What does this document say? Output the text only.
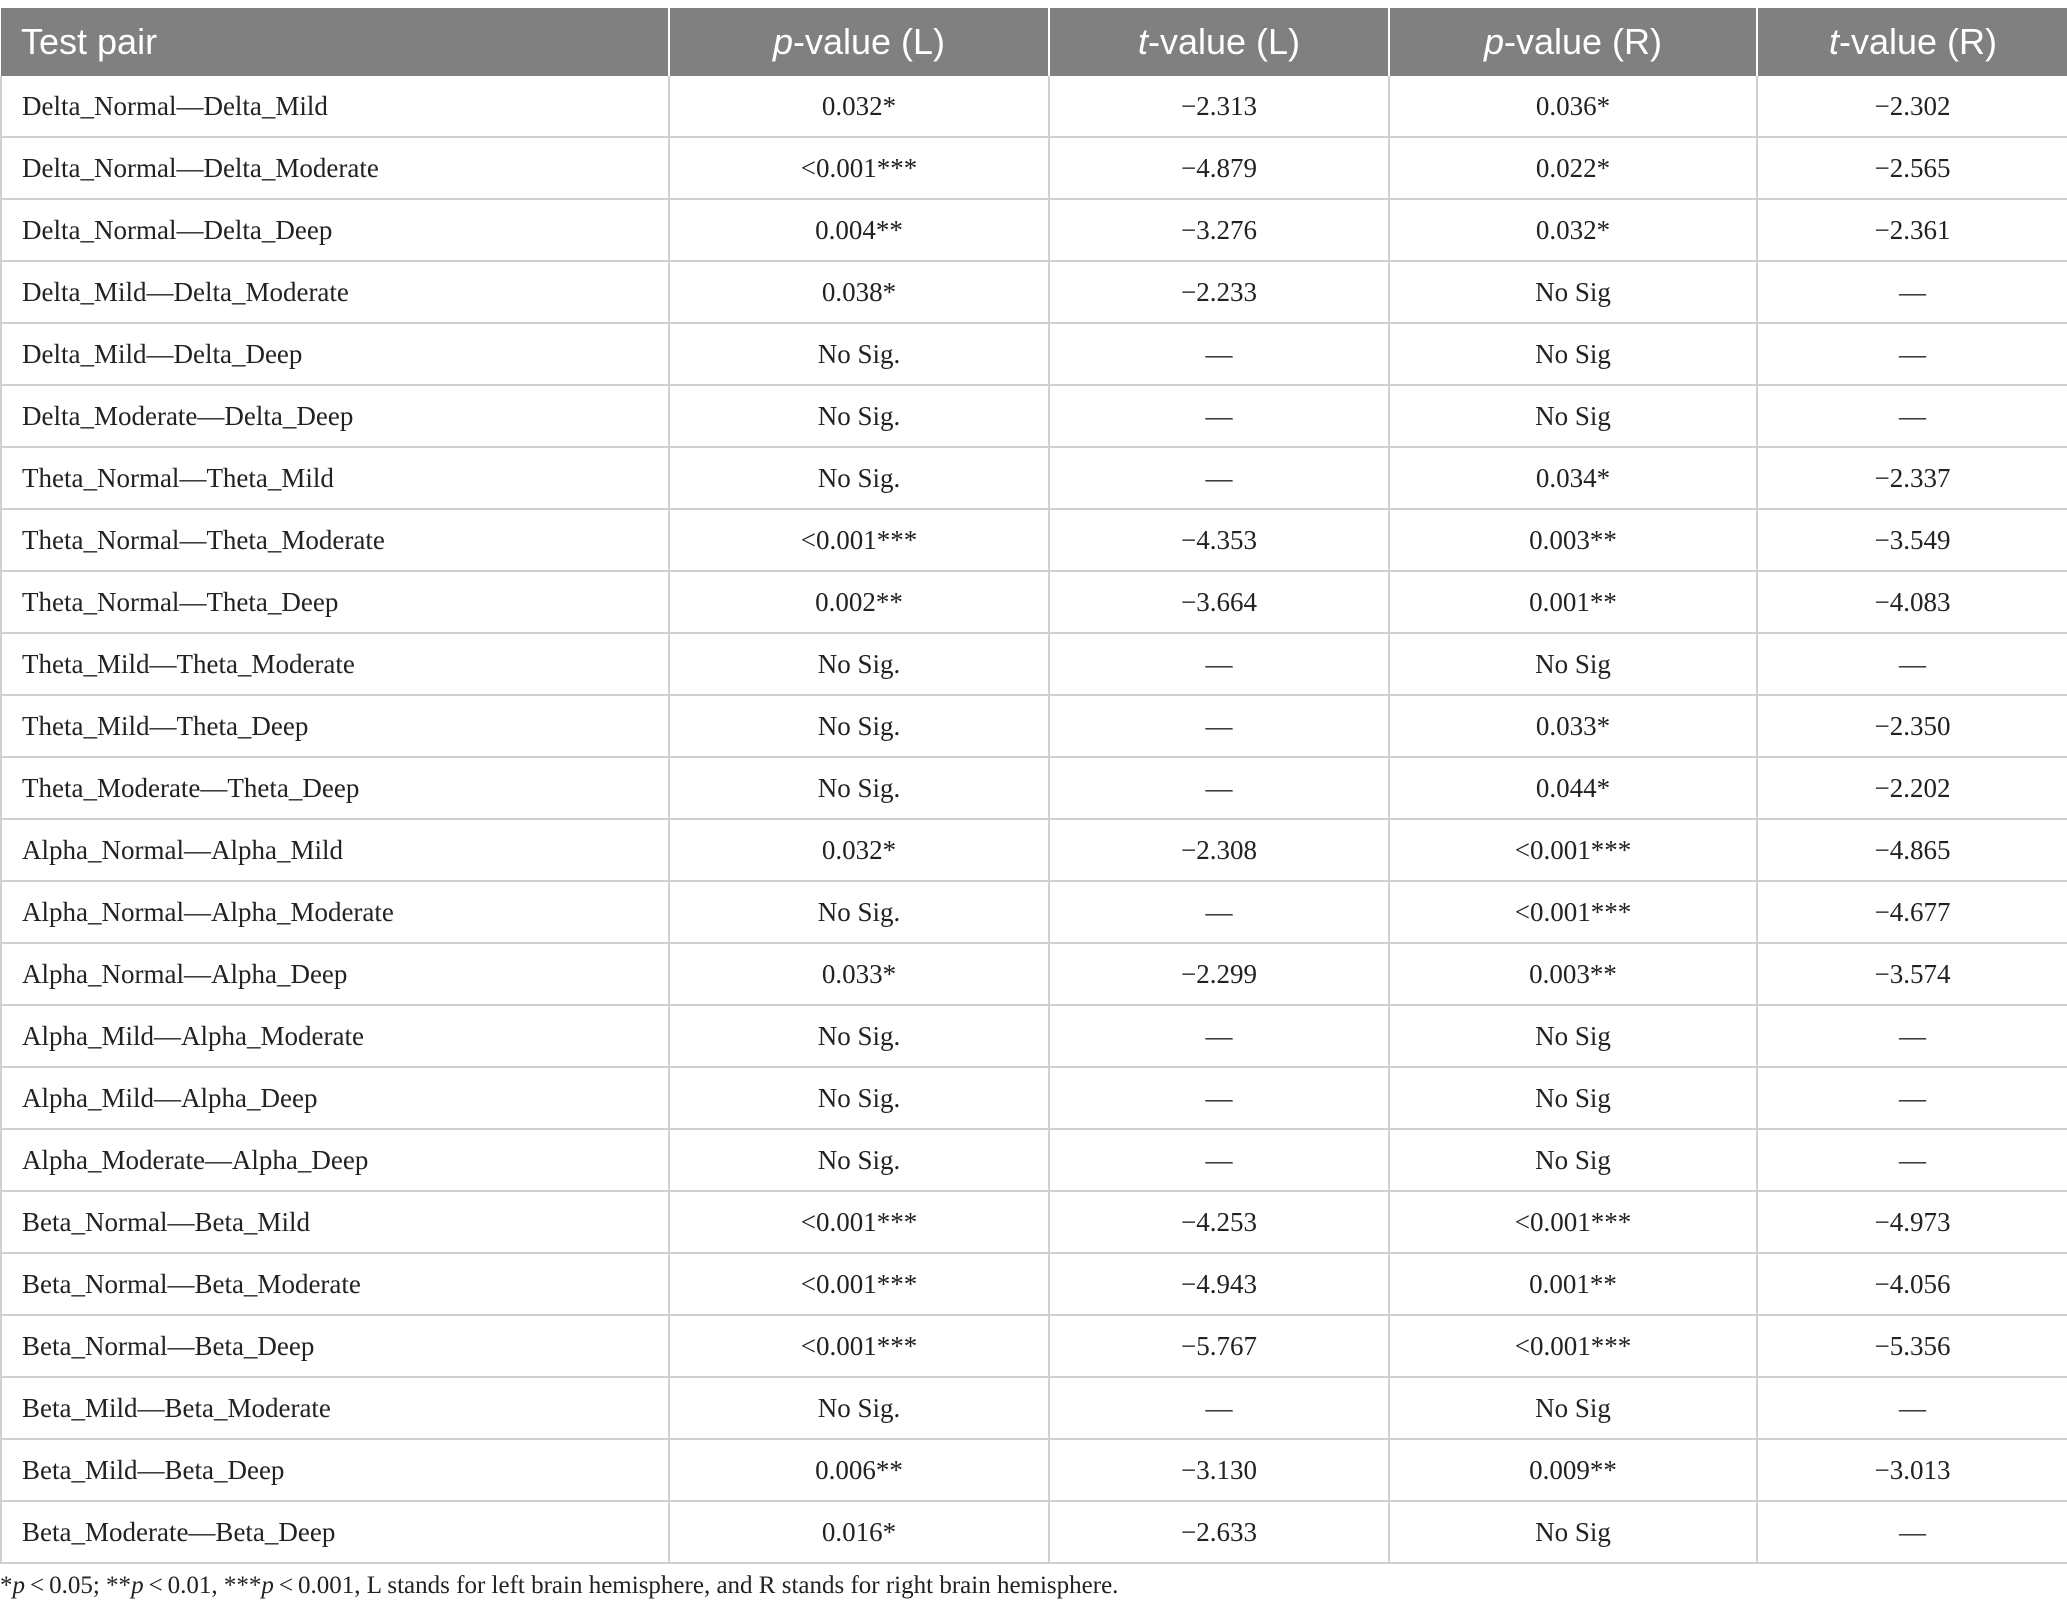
Test pair	p-value (L)	t-value (L)	p-value (R)	t-value (R)
Delta_Normal—Delta_Mild	0.032*	−2.313	0.036*	−2.302
Delta_Normal—Delta_Moderate	<0.001***	−4.879	0.022*	−2.565
Delta_Normal—Delta_Deep	0.004**	−3.276	0.032*	−2.361
Delta_Mild—Delta_Moderate	0.038*	−2.233	No Sig	—
Delta_Mild—Delta_Deep	No Sig.	—	No Sig	—
Delta_Moderate—Delta_Deep	No Sig.	—	No Sig	—
Theta_Normal—Theta_Mild	No Sig.	—	0.034*	−2.337
Theta_Normal—Theta_Moderate	<0.001***	−4.353	0.003**	−3.549
Theta_Normal—Theta_Deep	0.002**	−3.664	0.001**	−4.083
Theta_Mild—Theta_Moderate	No Sig.	—	No Sig	—
Theta_Mild—Theta_Deep	No Sig.	—	0.033*	−2.350
Theta_Moderate—Theta_Deep	No Sig.	—	0.044*	−2.202
Alpha_Normal—Alpha_Mild	0.032*	−2.308	<0.001***	−4.865
Alpha_Normal—Alpha_Moderate	No Sig.	—	<0.001***	−4.677
Alpha_Normal—Alpha_Deep	0.033*	−2.299	0.003**	−3.574
Alpha_Mild—Alpha_Moderate	No Sig.	—	No Sig	—
Alpha_Mild—Alpha_Deep	No Sig.	—	No Sig	—
Alpha_Moderate—Alpha_Deep	No Sig.	—	No Sig	—
Beta_Normal—Beta_Mild	<0.001***	−4.253	<0.001***	−4.973
Beta_Normal—Beta_Moderate	<0.001***	−4.943	0.001**	−4.056
Beta_Normal—Beta_Deep	<0.001***	−5.767	<0.001***	−5.356
Beta_Mild—Beta_Moderate	No Sig.	—	No Sig	—
Beta_Mild—Beta_Deep	0.006**	−3.130	0.009**	−3.013
Beta_Moderate—Beta_Deep	0.016*	−2.633	No Sig	—
*p < 0.05; **p < 0.01, ***p < 0.001, L stands for left brain hemisphere, and R stands for right brain hemisphere.
